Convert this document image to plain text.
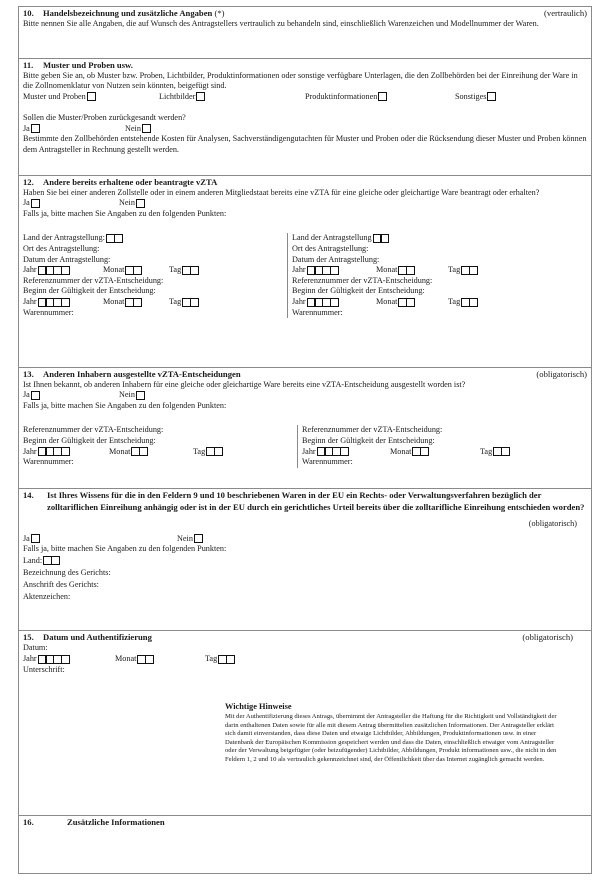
10. Handelsbezeichnung und zusätzliche Angaben (*)	(vertraulich)
Bitte nennen Sie alle Angaben, die auf Wunsch des Antragstellers vertraulich zu behandeln sind, einschließlich Warenzeichen und Modellnummer der Waren.
11. Muster und Proben usw.
Bitte geben Sie an, ob Muster bzw. Proben, Lichtbilder, Produktinformationen oder sonstige verfügbare Unterlagen, die den Zollbehörden bei der Einreihung der Ware in die Zollnomenklatur von Nutzen sein könnten, beigefügt sind.
Muster und Proben	Lichtbilder	Produktinformationen	Sonstiges
Sollen die Muster/Proben zurückgesandt werden?
Ja	Nein
Bestimmte den Zollbehörden entstehende Kosten für Analysen, Sachverständigengutachten für Muster und Proben oder die Rücksendung dieser Muster und Proben können dem Antragsteller in Rechnung gestellt werden.
12. Andere bereits erhaltene oder beantragte vZTA
Haben Sie bei einer anderen Zollstelle oder in einem anderen Mitgliedstaat bereits eine vZTA für eine gleiche oder gleichartige Ware beantragt oder erhalten?
Ja	Nein
Falls ja, bitte machen Sie Angaben zu den folgenden Punkten:
Land der Antragstellung:
Ort des Antragstellung:
Datum der Antragstellung:
Jahr	Monat	Tag
Referenznummer der vZTA-Entscheidung:
Beginn der Gültigkeit der Entscheidung:
Jahr	Monat	Tag
Warennummer:
Land der Antragstellung
Ort des Antragstellung:
Datum der Antragstellung:
Jahr	Monat	Tag
Referenznummer der vZTA-Entscheidung:
Beginn der Gültigkeit der Entscheidung:
Jahr	Monat	Tag
Warennummer:
13. Anderen Inhabern ausgestellte vZTA-Entscheidungen	(obligatorisch)
Ist Ihnen bekannt, ob anderen Inhabern für eine gleiche oder gleichartige Ware bereits eine vZTA-Entscheidung ausgestellt worden ist?
Ja	Nein
Falls ja, bitte machen Sie Angaben zu den folgenden Punkten:
Referenznummer der vZTA-Entscheidung:
Beginn der Gültigkeit der Entscheidung:
Jahr	Monat	Tag
Warennummer:
Referenznummer der vZTA-Entscheidung:
Beginn der Gültigkeit der Entscheidung:
Jahr	Monat	Tag
Warennummer:
14.	Ist Ihres Wissens für die in den Feldern 9 und 10 beschriebenen Waren in der EU ein Rechts- oder Verwaltungsverfahren bezüglich der zolltariflichen Einreihung anhängig oder ist in der EU durch ein gerichtliches Urteil bereits über die zolltarifliche Einreihung entschieden worden?
(obligatorisch)
Ja	Nein
Falls ja, bitte machen Sie Angaben zu den folgenden Punkten:
Land:
Bezeichnung des Gerichts:
Anschrift des Gerichts:
Aktenzeichen:
15. Datum und Authentifizierung	(obligatorisch)
Datum:
Jahr	Monat	Tag
Unterschrift:
Wichtige Hinweise
Mit der Authentifizierung dieses Antrags, übernimmt der Antragsteller die Haftung für die Richtigkeit und Vollständigkeit der darin enthaltenen Daten sowie für alle mit diesem Antrag übermittelten zusätzlichen Informationen. Der Antragsteller erklärt sich damit einverstanden, dass diese Daten und etwaige Lichtbilder, Abbildungen, Produktinformationen usw. in einer Datenbank der Europäischen Kommission gespeichert werden und dass die Daten, einschließlich etwaiger vom Antragsteller oder der Verwaltung beigefügter (oder beizufügender) Lichtbilder, Abbildungen, Produkt informationen usw., die nicht in den Feldern 1, 2 und 10 als vertraulich gekennzeichnet sind, der Öffentlichkeit über das Internet zugänglich gemacht werden.
16.	Zusätzliche Informationen
